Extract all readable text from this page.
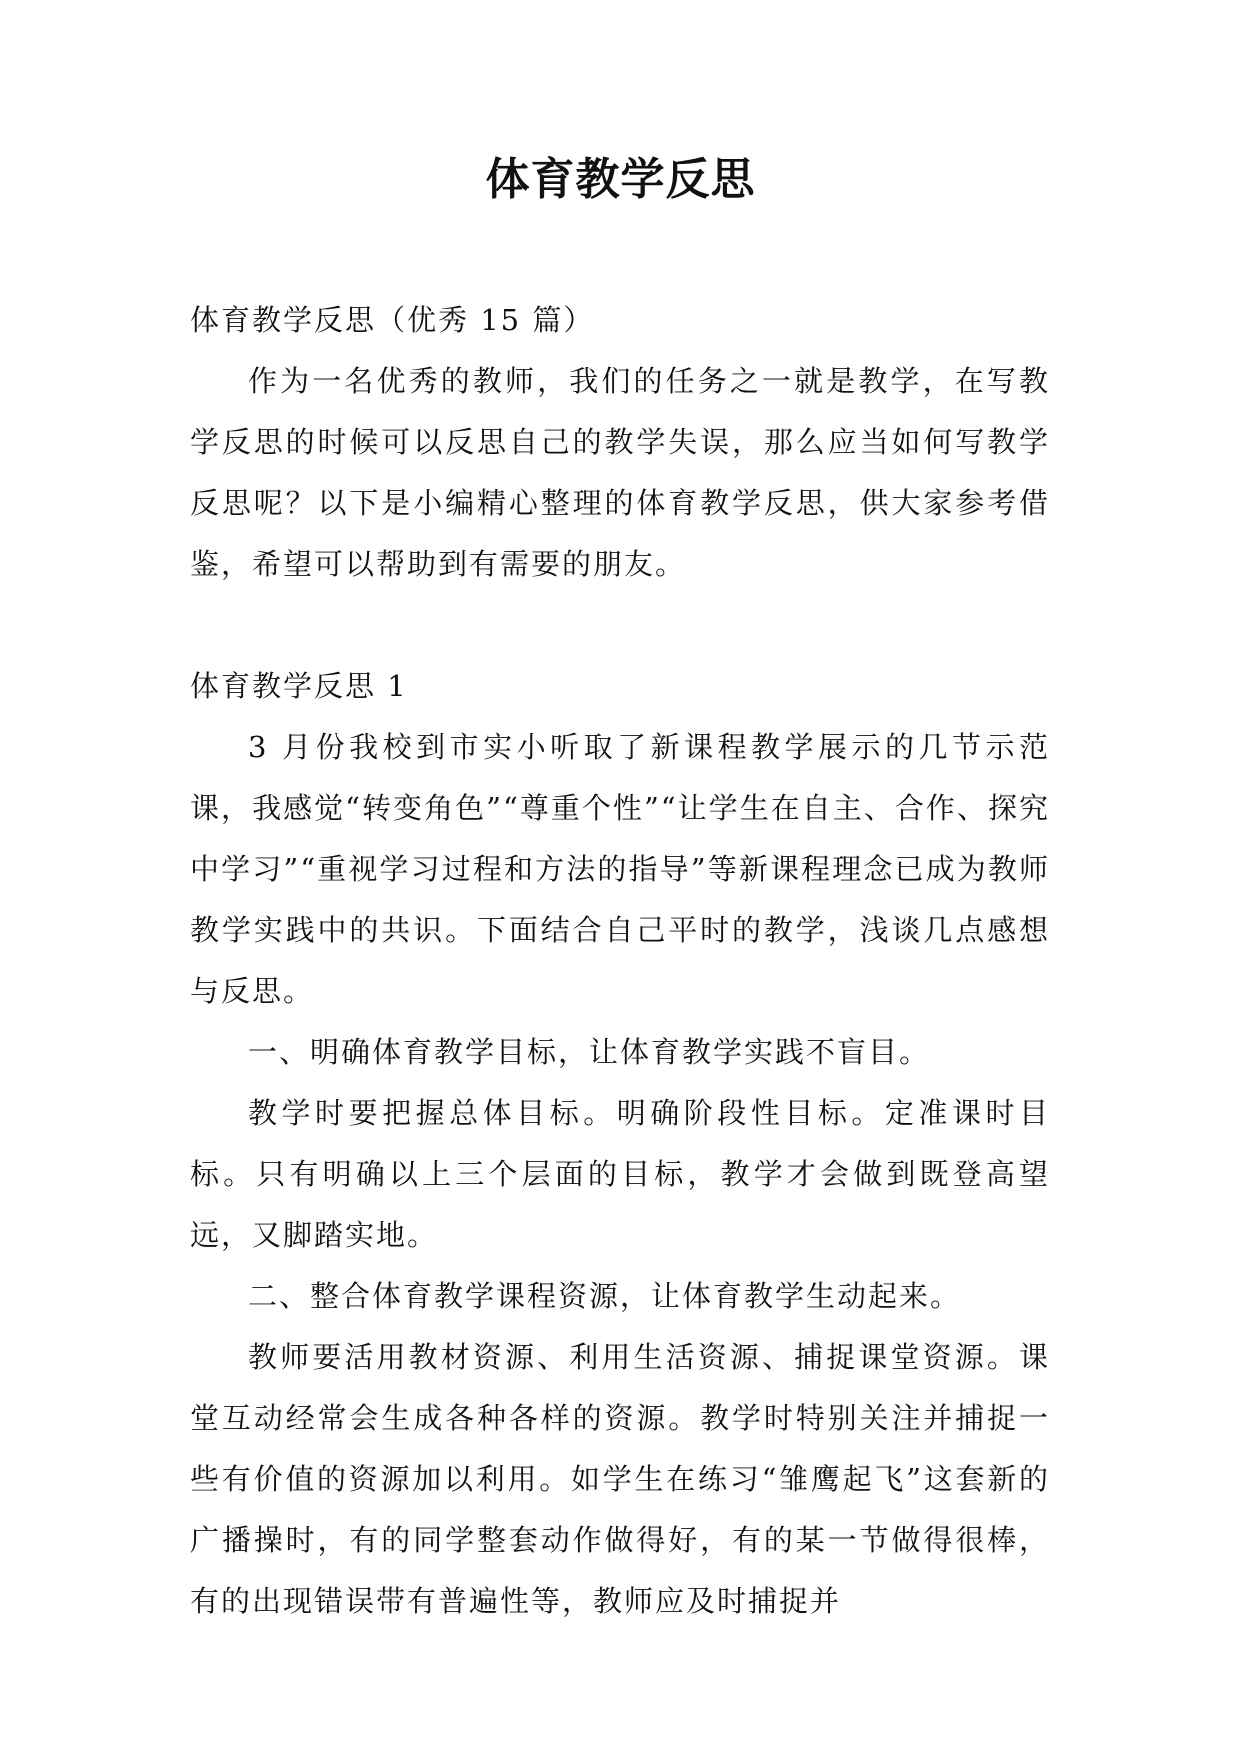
体育教学反思

体育教学反思（优秀 15 篇）

作为一名优秀的教师，我们的任务之一就是教学，在写教学反思的时候可以反思自己的教学失误，那么应当如何写教学反思呢？以下是小编精心整理的体育教学反思，供大家参考借鉴，希望可以帮助到有需要的朋友。

体育教学反思 1

3 月份我校到市实小听取了新课程教学展示的几节示范课，我感觉“转变角色”“尊重个性”“让学生在自主、合作、探究中学习”“重视学习过程和方法的指导”等新课程理念已成为教师教学实践中的共识。下面结合自己平时的教学，浅谈几点感想与反思。

一、明确体育教学目标，让体育教学实践不盲目。

教学时要把握总体目标。明确阶段性目标。定准课时目标。只有明确以上三个层面的目标，教学才会做到既登高望远，又脚踏实地。

二、整合体育教学课程资源，让体育教学生动起来。

教师要活用教材资源、利用生活资源、捕捉课堂资源。课堂互动经常会生成各种各样的资源。教学时特别关注并捕捉一些有价值的资源加以利用。如学生在练习“雏鹰起飞”这套新的广播操时，有的同学整套动作做得好，有的某一节做得很棒，有的出现错误带有普遍性等，教师应及时捕捉并
